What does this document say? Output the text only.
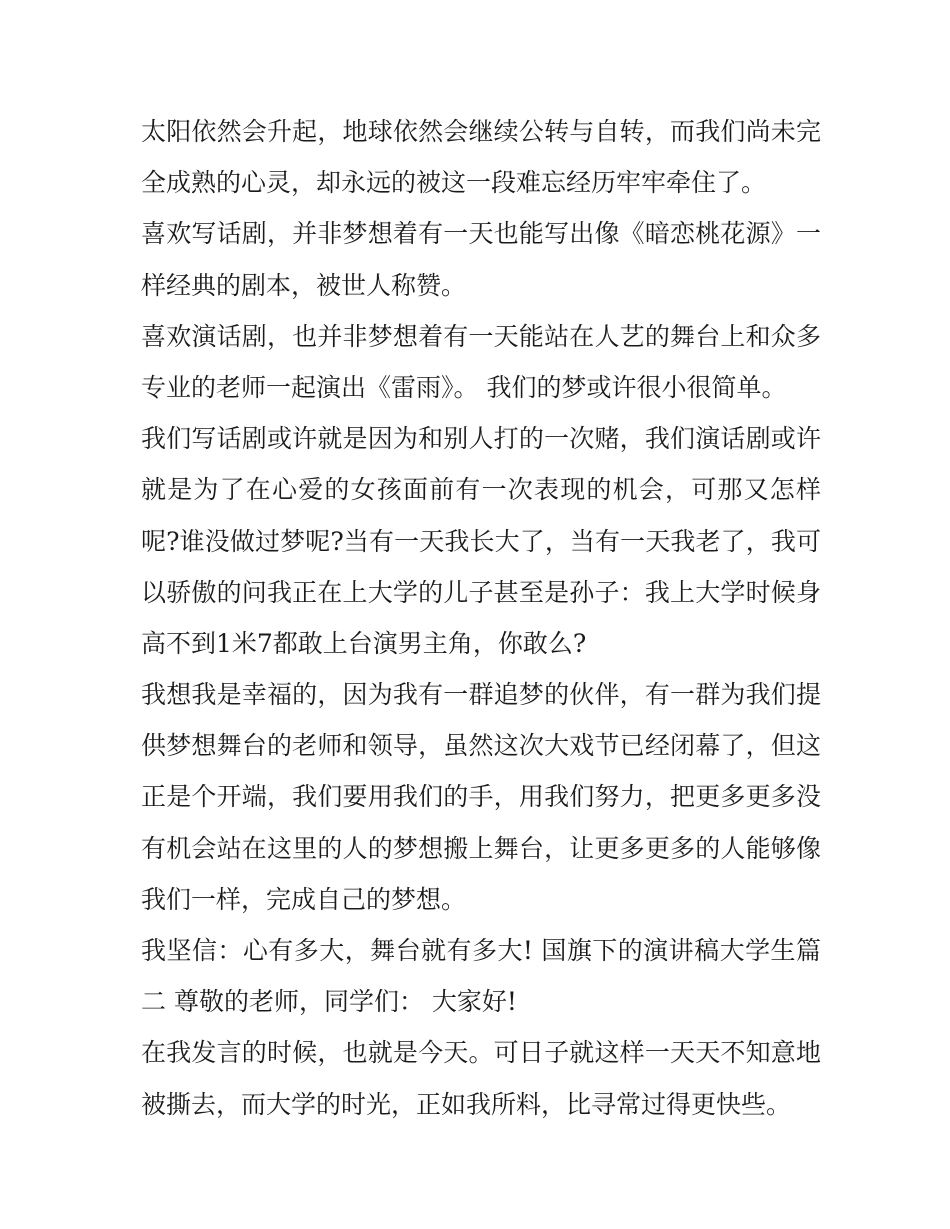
太阳依然会升起，地球依然会继续公转与自转，而我们尚未完
全成熟的心灵，却永远的被这一段难忘经历牢牢牵住了。
喜欢写话剧，并非梦想着有一天也能写出像《暗恋桃花源》一
样经典的剧本，被世人称赞。
喜欢演话剧，也并非梦想着有一天能站在人艺的舞台上和众多
专业的老师一起演出《雷雨》。 我们的梦或许很小很简单。
我们写话剧或许就是因为和别人打的一次赌，我们演话剧或许
就是为了在心爱的女孩面前有一次表现的机会，可那又怎样
呢?谁没做过梦呢?当有一天我长大了，当有一天我老了，我可
以骄傲的问我正在上大学的儿子甚至是孙子：我上大学时候身
高不到1米7都敢上台演男主角，你敢么?
我想我是幸福的，因为我有一群追梦的伙伴，有一群为我们提
供梦想舞台的老师和领导，虽然这次大戏节已经闭幕了，但这
正是个开端，我们要用我们的手，用我们努力，把更多更多没
有机会站在这里的人的梦想搬上舞台，让更多更多的人能够像
我们一样，完成自己的梦想。
我坚信：心有多大，舞台就有多大! 国旗下的演讲稿大学生篇
二 尊敬的老师，同学们： 大家好!
在我发言的时候，也就是今天。可日子就这样一天天不知意地
被撕去，而大学的时光，正如我所料，比寻常过得更快些。
